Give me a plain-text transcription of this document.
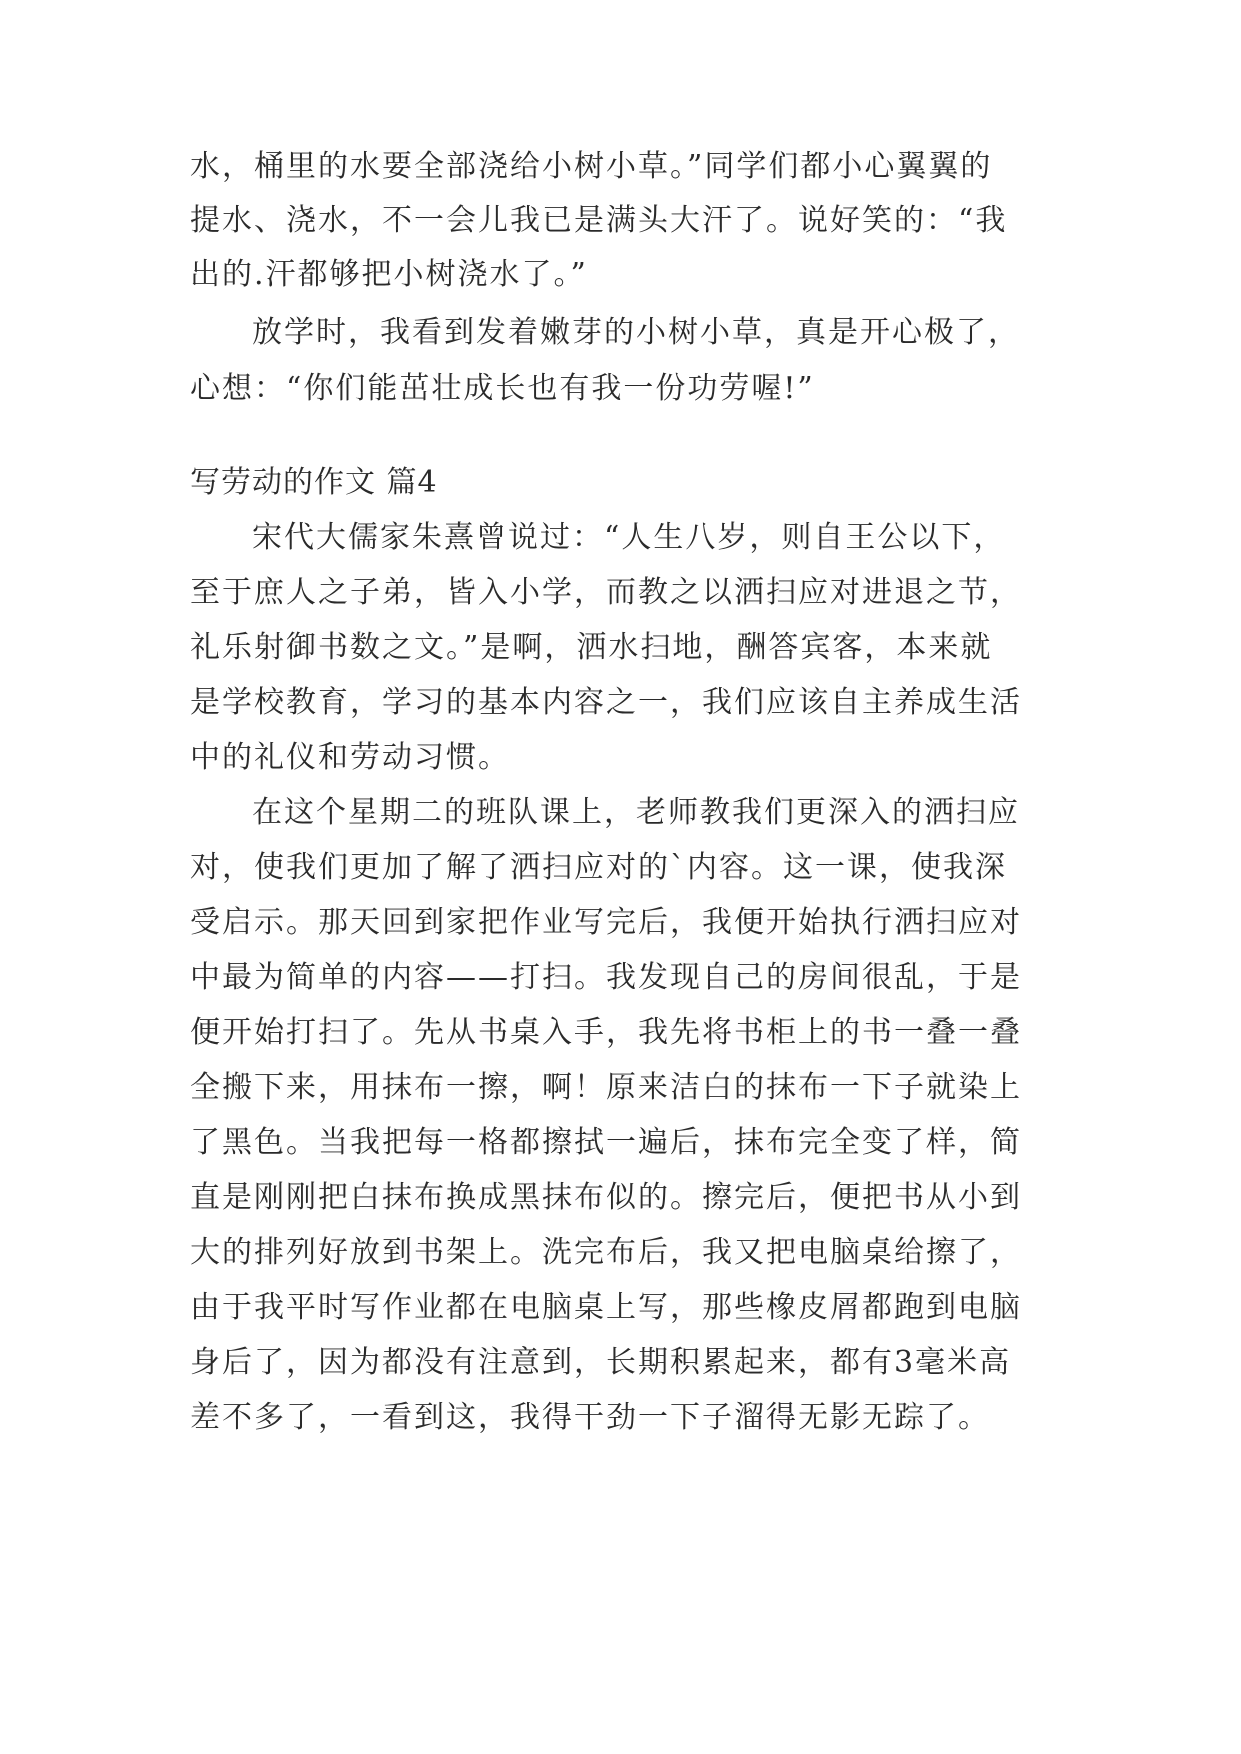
水，桶里的水要全部浇给小树小草。”同学们都小心翼翼的
提水、浇水，不一会儿我已是满头大汗了。说好笑的：“我
出的.汗都够把小树浇水了。”
放学时，我看到发着嫩芽的小树小草，真是开心极了，
心想：“你们能茁壮成长也有我一份功劳喔!”
写劳动的作文 篇4
宋代大儒家朱熹曾说过：“人生八岁，则自王公以下，
至于庶人之子弟，皆入小学，而教之以洒扫应对进退之节，
礼乐射御书数之文。”是啊，洒水扫地，酬答宾客，本来就
是学校教育，学习的基本内容之一，我们应该自主养成生活
中的礼仪和劳动习惯。
在这个星期二的班队课上，老师教我们更深入的洒扫应
对，使我们更加了解了洒扫应对的`内容。这一课，使我深
受启示。那天回到家把作业写完后，我便开始执行洒扫应对
中最为简单的内容——打扫。我发现自己的房间很乱，于是
便开始打扫了。先从书桌入手，我先将书柜上的书一叠一叠
全搬下来，用抹布一擦，啊！原来洁白的抹布一下子就染上
了黑色。当我把每一格都擦拭一遍后，抹布完全变了样，简
直是刚刚把白抹布换成黑抹布似的。擦完后，便把书从小到
大的排列好放到书架上。洗完布后，我又把电脑桌给擦了，
由于我平时写作业都在电脑桌上写，那些橡皮屑都跑到电脑
身后了，因为都没有注意到，长期积累起来，都有3毫米高
差不多了，一看到这，我得干劲一下子溜得无影无踪了。
